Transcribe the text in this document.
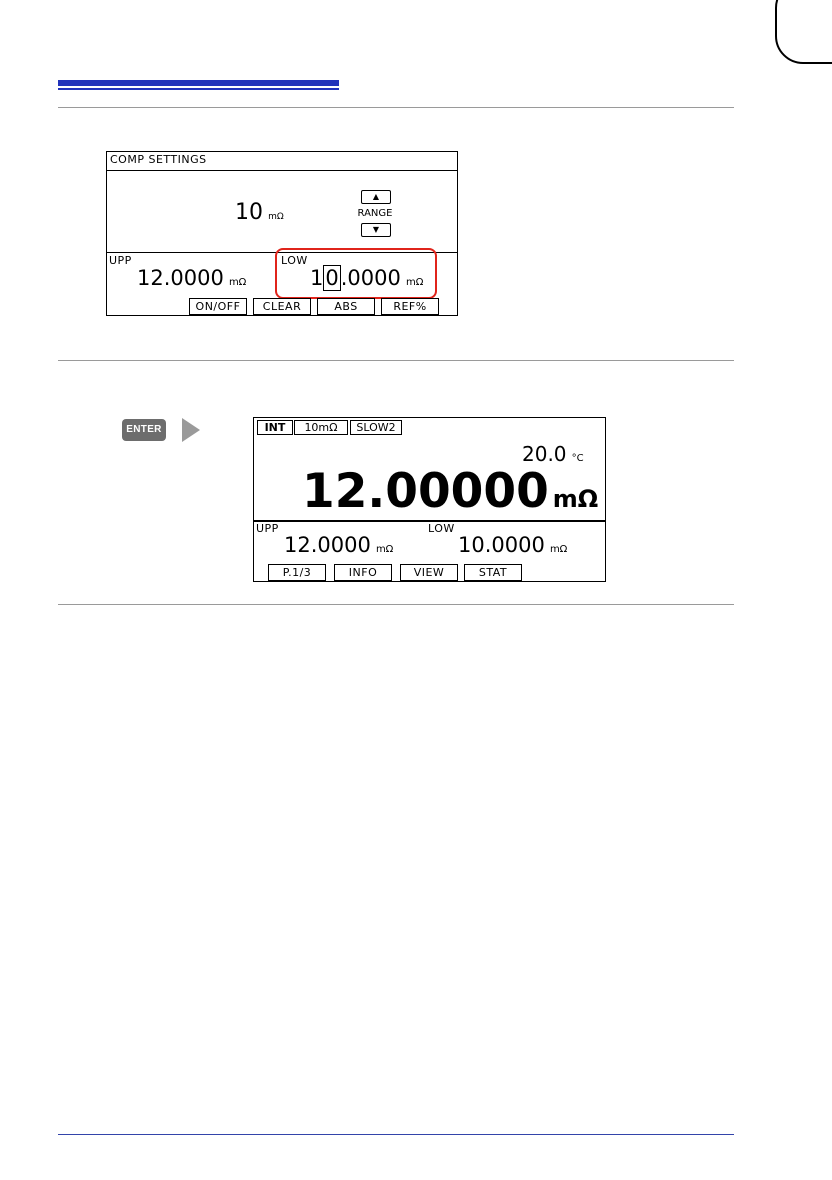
COMP SETTINGS
10 mΩ
▲
RANGE
▼
UPP
12.0000 mΩ
LOW
10.0000 mΩ
ON/OFF	CLEAR	ABS	REF%
ENTER	INT	10mΩ	SLOW2
20.0 °C
12.00000 mΩ
UPP
12.0000 mΩ
LOW
10.0000 mΩ
P.1/3	INFO	VIEW	STAT
